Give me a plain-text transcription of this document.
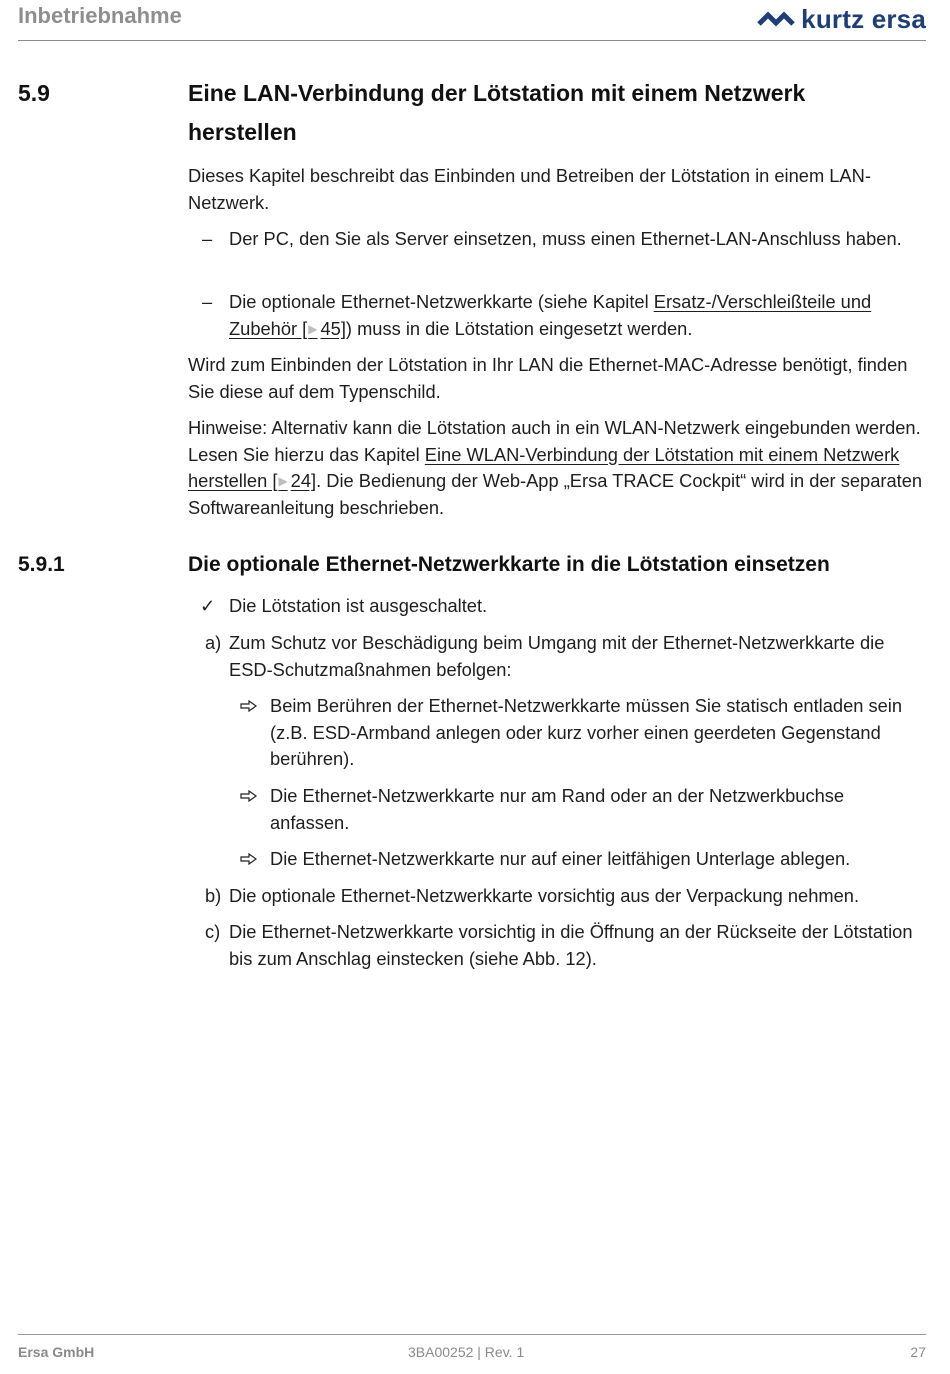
Inbetriebnahme	kurtz ersa
5.9	Eine LAN-Verbindung der Lötstation mit einem Netzwerk herstellen
Dieses Kapitel beschreibt das Einbinden und Betreiben der Lötstation in einem LAN-Netzwerk.
– Der PC, den Sie als Server einsetzen, muss einen Ethernet-LAN-Anschluss haben.
– Die optionale Ethernet-Netzwerkkarte (siehe Kapitel Ersatz-/Verschleißteile und Zubehör [▶ 45]) muss in die Lötstation eingesetzt werden.
Wird zum Einbinden der Lötstation in Ihr LAN die Ethernet-MAC-Adresse benötigt, finden Sie diese auf dem Typenschild.
Hinweise: Alternativ kann die Lötstation auch in ein WLAN-Netzwerk eingebunden werden. Lesen Sie hierzu das Kapitel Eine WLAN-Verbindung der Lötstation mit einem Netzwerk herstellen [▶ 24]. Die Bedienung der Web-App „Ersa TRACE Cockpit“ wird in der separaten Softwareanleitung beschrieben.
5.9.1	Die optionale Ethernet-Netzwerkkarte in die Lötstation einsetzen
✓ Die Lötstation ist ausgeschaltet.
a) Zum Schutz vor Beschädigung beim Umgang mit der Ethernet-Netzwerkkarte die ESD-Schutzmaßnahmen befolgen:
Beim Berühren der Ethernet-Netzwerkkarte müssen Sie statisch entladen sein (z.B. ESD-Armband anlegen oder kurz vorher einen geerdeten Gegenstand berühren).
Die Ethernet-Netzwerkkarte nur am Rand oder an der Netzwerkbuchse anfassen.
Die Ethernet-Netzwerkkarte nur auf einer leitfähigen Unterlage ablegen.
b) Die optionale Ethernet-Netzwerkkarte vorsichtig aus der Verpackung nehmen.
c) Die Ethernet-Netzwerkkarte vorsichtig in die Öffnung an der Rückseite der Lötstation bis zum Anschlag einstecken (siehe Abb. 12).
Ersa GmbH	3BA00252 | Rev. 1	27
